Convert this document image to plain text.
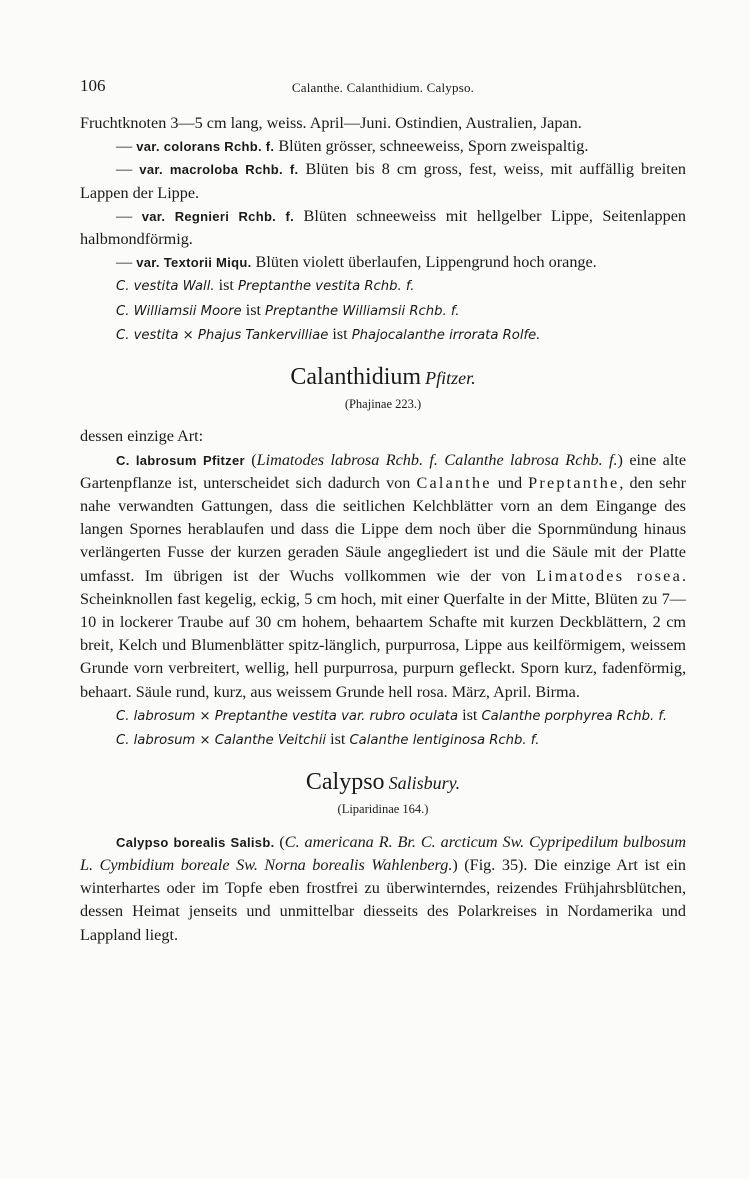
106	Calanthe. Calanthidium. Calypso.

Fruchtknoten 3—5 cm lang, weiss. April—Juni. Ostindien, Australien, Japan.

— var. colorans Rchb. f. Blüten grösser, schneeweiss, Sporn zweispaltig.

— var. macroloba Rchb. f. Blüten bis 8 cm gross, fest, weiss, mit auffällig breiten Lappen der Lippe.

— var. Regnieri Rchb. f. Blüten schneeweiss mit hellgelber Lippe, Seitenlappen halbmondförmig.

— var. Textorii Miqu. Blüten violett überlaufen, Lippengrund hoch orange.

C. vestita Wall. ist Preptanthe vestita Rchb. f.

C. Williamsii Moore ist Preptanthe Williamsii Rchb. f.

C. vestita × Phajus Tankervilliae ist Phajocalanthe irrorata Rolfe.

Calanthidium Pfitzer.
(Phajinae 223.)

dessen einzige Art:

C. labrosum Pfitzer (Limatodes labrosa Rchb. f. Calanthe labrosa Rchb. f.) eine alte Gartenpflanze ist, unterscheidet sich dadurch von Calanthe und Preptanthe, den sehr nahe verwandten Gattungen, dass die seitlichen Kelchblätter vorn an dem Eingange des langen Spornes herablaufen und dass die Lippe dem noch über die Spornmündung hinaus verlängerten Fusse der kurzen geraden Säule angegliedert ist und die Säule mit der Platte umfasst. Im übrigen ist der Wuchs vollkommen wie der von Limatodes rosea. Scheinknollen fast kegelig, eckig, 5 cm hoch, mit einer Querfalte in der Mitte, Blüten zu 7—10 in lockerer Traube auf 30 cm hohem, behaartem Schafte mit kurzen Deckblättern, 2 cm breit, Kelch und Blumenblätter spitz-länglich, purpurrosa, Lippe aus keilförmigem, weissem Grunde vorn verbreitert, wellig, hell purpurrosa, purpurn gefleckt. Sporn kurz, fadenförmig, behaart. Säule rund, kurz, aus weissem Grunde hell rosa. März, April. Birma.

C. labrosum × Preptanthe vestita var. rubro oculata ist Calanthe porphyrea Rchb. f.

C. labrosum × Calanthe Veitchii ist Calanthe lentiginosa Rchb. f.

Calypso Salisbury.
(Liparidinae 164.)

Calypso borealis Salisb. (C. americana R. Br. C. arcticum Sw. Cypripedilum bulbosum L. Cymbidium boreale Sw. Norna borealis Wahlenberg.) (Fig. 35). Die einzige Art ist ein winterhartes oder im Topfe eben frostfrei zu überwinterndes, reizendes Frühjahrsblütchen, dessen Heimat jenseits und unmittelbar diesseits des Polarkreises in Nordamerika und Lappland liegt.
